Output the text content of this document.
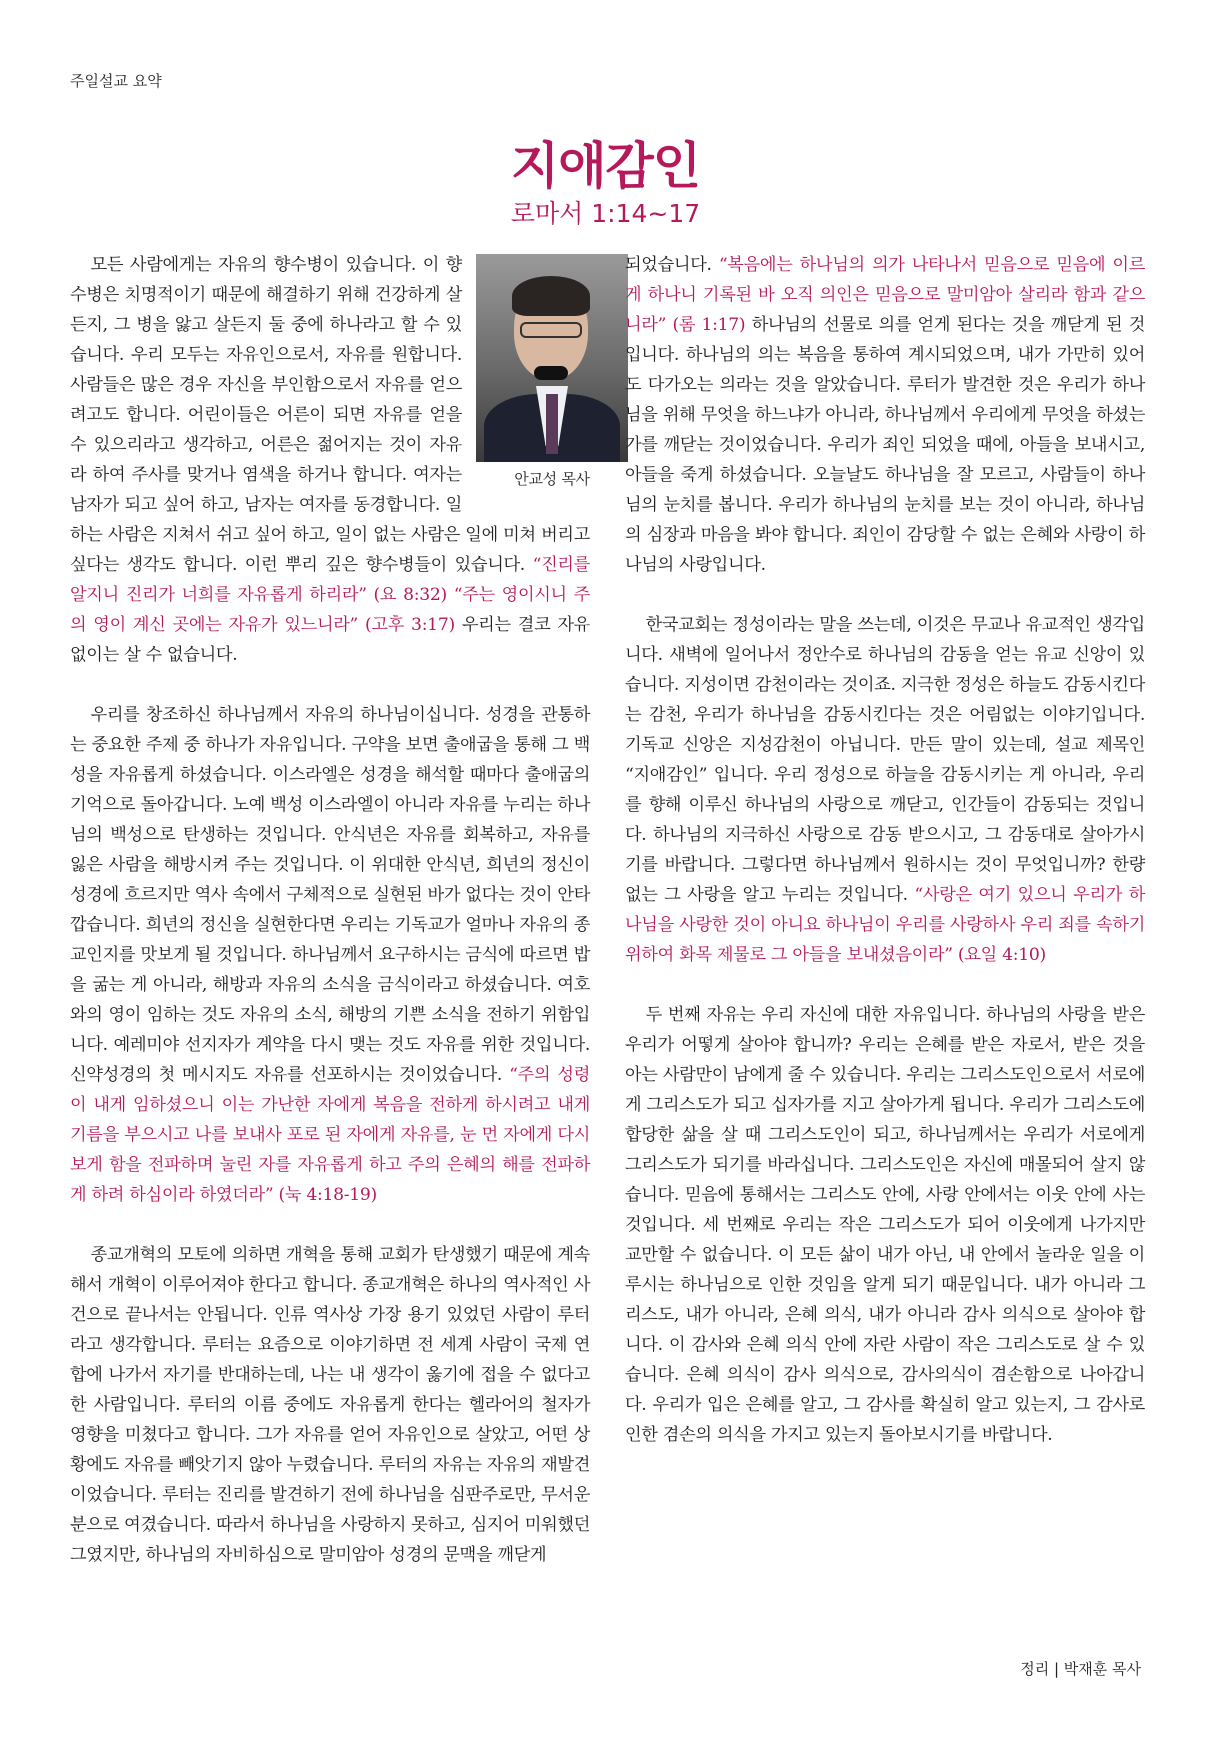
주일설교 요약
지애감인
로마서 1:14~17
안교성 목사

모든 사람에게는 자유의 향수병이 있습니다. 이 향수병은 치명적이기 때문에 해결하기 위해 건강하게 살든지, 그 병을 앓고 살든지 둘 중에 하나라고 할 수 있습니다. 우리 모두는 자유인으로서, 자유를 원합니다. 사람들은 많은 경우 자신을 부인함으로서 자유를 얻으려고도 합니다. 어린이들은 어른이 되면 자유를 얻을 수 있으리라고 생각하고, 어른은 젊어지는 것이 자유라 하여 주사를 맞거나 염색을 하거나 합니다. 여자는 남자가 되고 싶어 하고, 남자는 여자를 동경합니다. 일하는 사람은 지쳐서 쉬고 싶어 하고, 일이 없는 사람은 일에 미쳐 버리고 싶다는 생각도 합니다. 이런 뿌리 깊은 향수병들이 있습니다. “진리를 알지니 진리가 너희를 자유롭게 하리라” (요 8:32) “주는 영이시니 주의 영이 계신 곳에는 자유가 있느니라” (고후 3:17) 우리는 결코 자유 없이는 살 수 없습니다.

우리를 창조하신 하나님께서 자유의 하나님이십니다. 성경을 관통하는 중요한 주제 중 하나가 자유입니다. 구약을 보면 출애굽을 통해 그 백성을 자유롭게 하셨습니다. 이스라엘은 성경을 해석할 때마다 출애굽의 기억으로 돌아갑니다. 노예 백성 이스라엘이 아니라 자유를 누리는 하나님의 백성으로 탄생하는 것입니다. 안식년은 자유를 회복하고, 자유를 잃은 사람을 해방시켜 주는 것입니다. 이 위대한 안식년, 희년의 정신이 성경에 흐르지만 역사 속에서 구체적으로 실현된 바가 없다는 것이 안타깝습니다. 희년의 정신을 실현한다면 우리는 기독교가 얼마나 자유의 종교인지를 맛보게 될 것입니다. 하나님께서 요구하시는 금식에 따르면 밥을 굶는 게 아니라, 해방과 자유의 소식을 금식이라고 하셨습니다. 여호와의 영이 임하는 것도 자유의 소식, 해방의 기쁜 소식을 전하기 위함입니다. 예레미야 선지자가 계약을 다시 맺는 것도 자유를 위한 것입니다. 신약성경의 첫 메시지도 자유를 선포하시는 것이었습니다. “주의 성령이 내게 임하셨으니 이는 가난한 자에게 복음을 전하게 하시려고 내게 기름을 부으시고 나를 보내사 포로 된 자에게 자유를, 눈 먼 자에게 다시 보게 함을 전파하며 눌린 자를 자유롭게 하고 주의 은혜의 해를 전파하게 하려 하심이라 하였더라” (눅 4:18-19)

종교개혁의 모토에 의하면 개혁을 통해 교회가 탄생했기 때문에 계속해서 개혁이 이루어져야 한다고 합니다. 종교개혁은 하나의 역사적인 사건으로 끝나서는 안됩니다. 인류 역사상 가장 용기 있었던 사람이 루터라고 생각합니다. 루터는 요즘으로 이야기하면 전 세계 사람이 국제 연합에 나가서 자기를 반대하는데, 나는 내 생각이 옳기에 접을 수 없다고 한 사람입니다. 루터의 이름 중에도 자유롭게 한다는 헬라어의 철자가 영향을 미쳤다고 합니다. 그가 자유를 얻어 자유인으로 살았고, 어떤 상황에도 자유를 빼앗기지 않아 누렸습니다. 루터의 자유는 자유의 재발견이었습니다. 루터는 진리를 발견하기 전에 하나님을 심판주로만, 무서운 분으로 여겼습니다. 따라서 하나님을 사랑하지 못하고, 심지어 미워했던 그였지만, 하나님의 자비하심으로 말미암아 성경의 문맥을 깨닫게

되었습니다. “복음에는 하나님의 의가 나타나서 믿음으로 믿음에 이르게 하나니 기록된 바 오직 의인은 믿음으로 말미암아 살리라 함과 같으니라” (롬 1:17) 하나님의 선물로 의를 얻게 된다는 것을 깨닫게 된 것입니다. 하나님의 의는 복음을 통하여 계시되었으며, 내가 가만히 있어도 다가오는 의라는 것을 알았습니다. 루터가 발견한 것은 우리가 하나님을 위해 무엇을 하느냐가 아니라, 하나님께서 우리에게 무엇을 하셨는가를 깨닫는 것이었습니다. 우리가 죄인 되었을 때에, 아들을 보내시고, 아들을 죽게 하셨습니다. 오늘날도 하나님을 잘 모르고, 사람들이 하나님의 눈치를 봅니다. 우리가 하나님의 눈치를 보는 것이 아니라, 하나님의 심장과 마음을 봐야 합니다. 죄인이 감당할 수 없는 은혜와 사랑이 하나님의 사랑입니다.

한국교회는 정성이라는 말을 쓰는데, 이것은 무교나 유교적인 생각입니다. 새벽에 일어나서 정안수로 하나님의 감동을 얻는 유교 신앙이 있습니다. 지성이면 감천이라는 것이죠. 지극한 정성은 하늘도 감동시킨다는 감천, 우리가 하나님을 감동시킨다는 것은 어림없는 이야기입니다. 기독교 신앙은 지성감천이 아닙니다. 만든 말이 있는데, 설교 제목인 “지애감인” 입니다. 우리 정성으로 하늘을 감동시키는 게 아니라, 우리를 향해 이루신 하나님의 사랑으로 깨닫고, 인간들이 감동되는 것입니다. 하나님의 지극하신 사랑으로 감동 받으시고, 그 감동대로 살아가시기를 바랍니다. 그렇다면 하나님께서 원하시는 것이 무엇입니까? 한량없는 그 사랑을 알고 누리는 것입니다. “사랑은 여기 있으니 우리가 하나님을 사랑한 것이 아니요 하나님이 우리를 사랑하사 우리 죄를 속하기 위하여 화목 제물로 그 아들을 보내셨음이라” (요일 4:10)

두 번째 자유는 우리 자신에 대한 자유입니다. 하나님의 사랑을 받은 우리가 어떻게 살아야 합니까? 우리는 은혜를 받은 자로서, 받은 것을 아는 사람만이 남에게 줄 수 있습니다. 우리는 그리스도인으로서 서로에게 그리스도가 되고 십자가를 지고 살아가게 됩니다. 우리가 그리스도에 합당한 삶을 살 때 그리스도인이 되고, 하나님께서는 우리가 서로에게 그리스도가 되기를 바라십니다. 그리스도인은 자신에 매몰되어 살지 않습니다. 믿음에 통해서는 그리스도 안에, 사랑 안에서는 이웃 안에 사는 것입니다. 세 번째로 우리는 작은 그리스도가 되어 이웃에게 나가지만 교만할 수 없습니다. 이 모든 삶이 내가 아닌, 내 안에서 놀라운 일을 이루시는 하나님으로 인한 것임을 알게 되기 때문입니다. 내가 아니라 그리스도, 내가 아니라, 은혜 의식, 내가 아니라 감사 의식으로 살아야 합니다. 이 감사와 은혜 의식 안에 자란 사람이 작은 그리스도로 살 수 있습니다. 은혜 의식이 감사 의식으로, 감사의식이 겸손함으로 나아갑니다. 우리가 입은 은혜를 알고, 그 감사를 확실히 알고 있는지, 그 감사로 인한 겸손의 의식을 가지고 있는지 돌아보시기를 바랍니다.

정리 | 박재훈 목사
